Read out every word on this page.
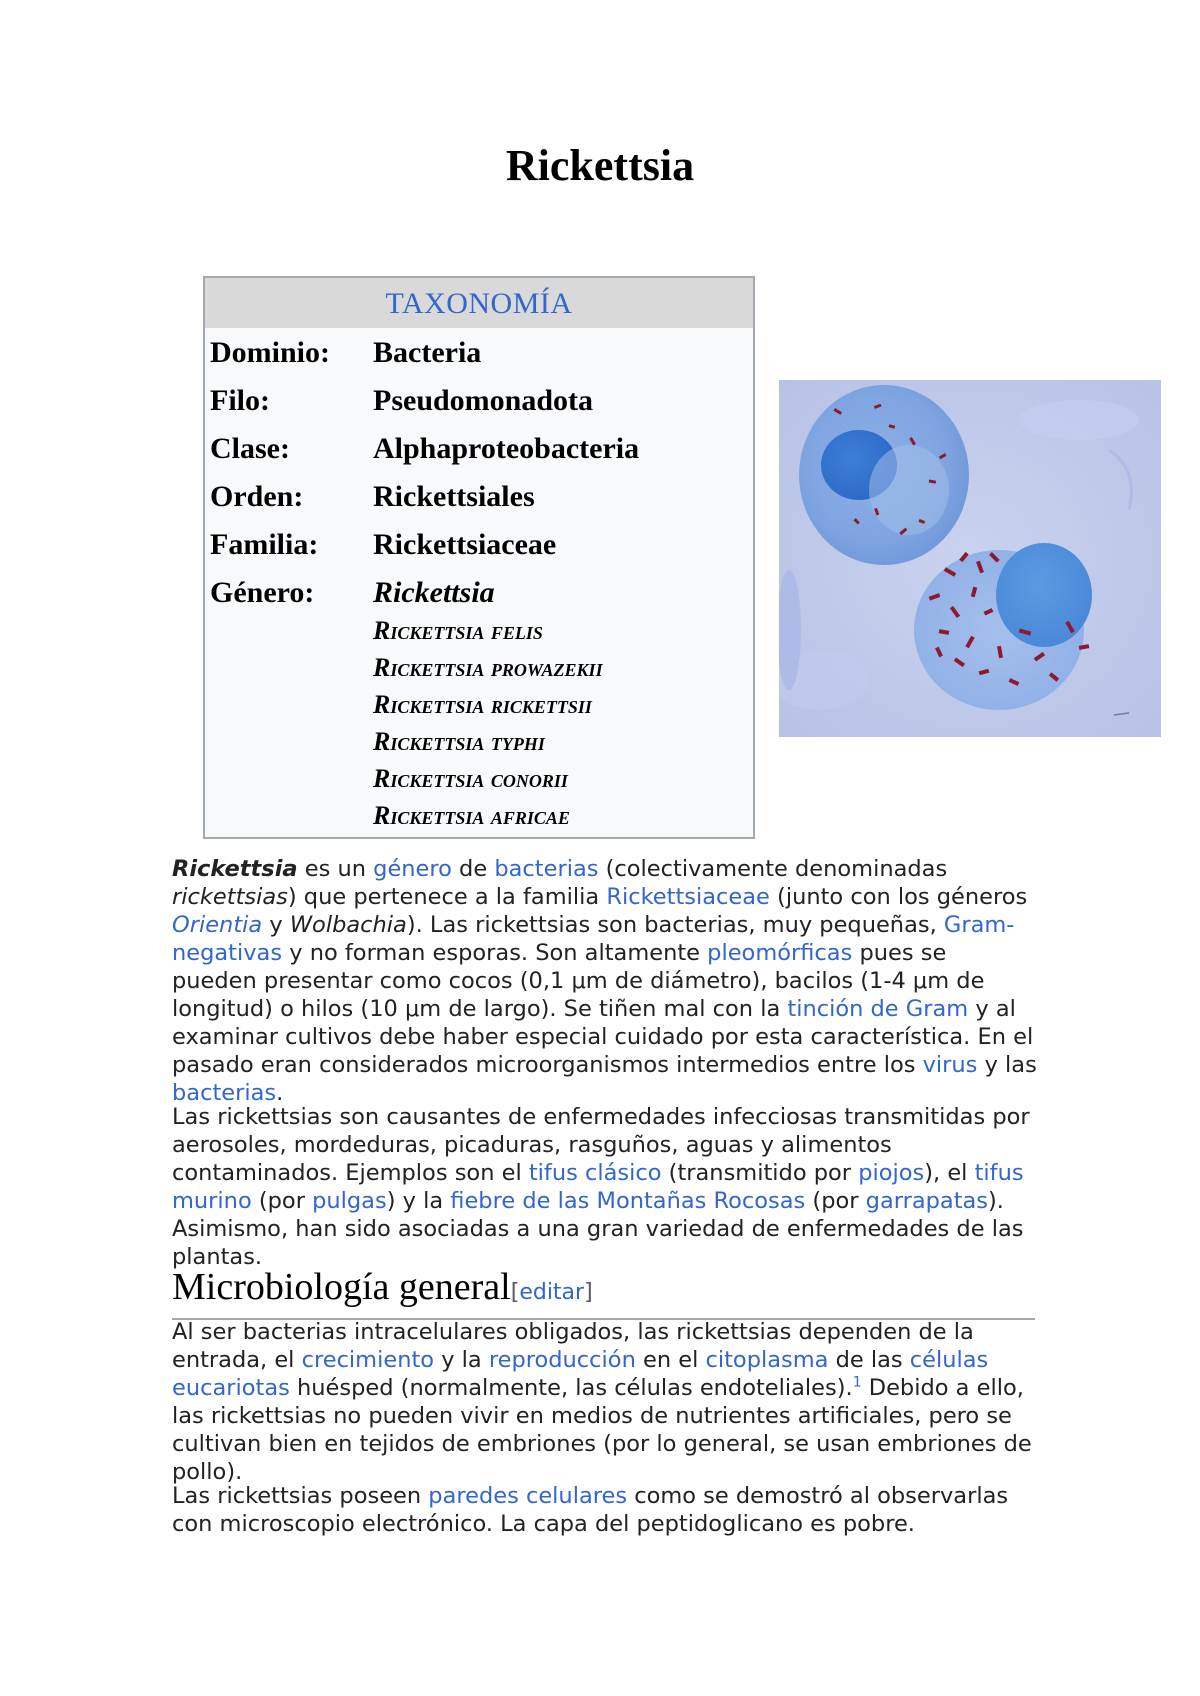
Rickettsia
TAXONOMÍA
Dominio: Bacteria
Filo:	Pseudomonadota
Clase:	Alphaproteobacteria
Orden: Rickettsiales
Familia: Rickettsiaceae
Género: Rickettsia
Rickettsia felis
Rickettsia prowazekii
Rickettsia rickettsii
Rickettsia typhi
Rickettsia conorii
Rickettsia africae

Rickettsia es un género de bacterias (colectivamente denominadas rickettsias) que pertenece a la familia Rickettsiaceae (junto con los géneros Orientia y Wolbachia). Las rickettsias son bacterias, muy pequeñas, Gram-negativas y no forman esporas. Son altamente pleomórficas pues se pueden presentar como cocos (0,1 μm de diámetro), bacilos (1-4 μm de longitud) o hilos (10 μm de largo). Se tiñen mal con la tinción de Gram y al examinar cultivos debe haber especial cuidado por esta característica. En el pasado eran considerados microorganismos intermedios entre los virus y las bacterias.

Las rickettsias son causantes de enfermedades infecciosas transmitidas por aerosoles, mordeduras, picaduras, rasguños, aguas y alimentos contaminados. Ejemplos son el tifus clásico (transmitido por piojos), el tifus murino (por pulgas) y la fiebre de las Montañas Rocosas (por garrapatas). Asimismo, han sido asociadas a una gran variedad de enfermedades de las plantas.

Microbiología general[editar]

Al ser bacterias intracelulares obligados, las rickettsias dependen de la entrada, el crecimiento y la reproducción en el citoplasma de las células eucariotas huésped (normalmente, las células endoteliales).$^1$ Debido a ello, las rickettsias no pueden vivir en medios de nutrientes artificiales, pero se cultivan bien en tejidos de embriones (por lo general, se usan embriones de pollo).

Las rickettsias poseen paredes celulares como se demostró al observarlas con microscopio electrónico. La capa del peptidoglicano es pobre.
